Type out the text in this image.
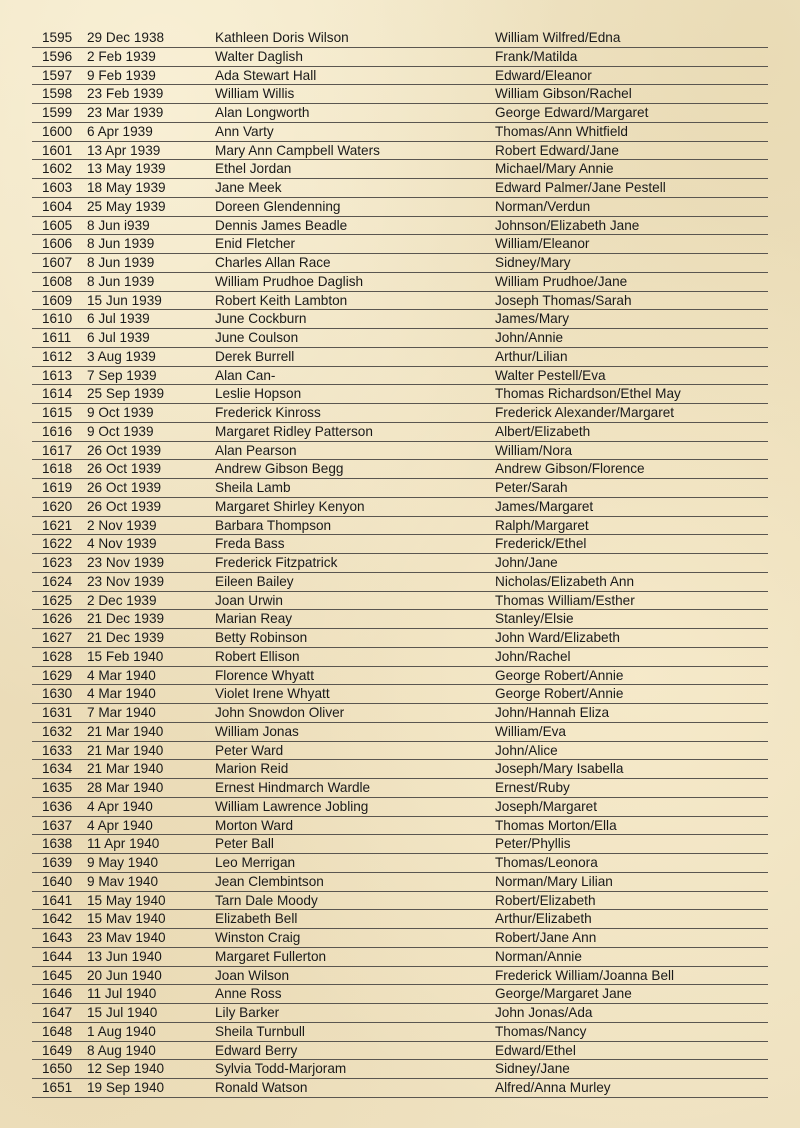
1595 29 Dec 1938	Kathleen Doris Wilson	William Wilfred/Edna
1596 2 Feb 1939	Walter Daglish	Frank/Matilda
1597 9 Feb 1939	Ada Stewart Hall	Edward/Eleanor
1598 23 Feb 1939	William Willis	William Gibson/Rachel
1599 23 Mar 1939	Alan Longworth	George Edward/Margaret
1600 6 Apr 1939	Ann Varty	Thomas/Ann Whitfield
1601 13 Apr 1939	Mary Ann Campbell Waters	Robert Edward/Jane
1602 13 May 1939	Ethel Jordan	Michael/Mary Annie
1603 18 May 1939	Jane Meek	Edward Palmer/Jane Pestell
1604 25 May 1939	Doreen Glendenning	Norman/Verdun
1605 8 Jun i939	Dennis James Beadle	Johnson/Elizabeth Jane
1606 8 Jun 1939	Enid Fletcher	William/Eleanor
1607 8 Jun 1939	Charles Allan Race	Sidney/Mary
1608 8 Jun 1939	William Prudhoe Daglish	William Prudhoe/Jane
1609 15 Jun 1939	Robert Keith Lambton	Joseph Thomas/Sarah
1610 6 Jul 1939	June Cockburn	James/Mary
1611 6 Jul 1939	June Coulson	John/Annie
1612 3 Aug 1939	Derek Burrell	Arthur/Lilian
1613 7 Sep 1939	Alan Can-	Walter Pestell/Eva
1614 25 Sep 1939	Leslie Hopson	Thomas Richardson/Ethel May
1615 9 Oct 1939	Frederick Kinross	Frederick Alexander/Margaret
1616 9 Oct 1939	Margaret Ridley Patterson	Albert/Elizabeth
1617 26 Oct 1939	Alan Pearson	William/Nora
1618 26 Oct 1939	Andrew Gibson Begg	Andrew Gibson/Florence
1619 26 Oct 1939	Sheila Lamb	Peter/Sarah
1620 26 Oct 1939	Margaret Shirley Kenyon	James/Margaret
1621 2 Nov 1939	Barbara Thompson	Ralph/Margaret
1622 4 Nov 1939	Freda Bass	Frederick/Ethel
1623 23 Nov 1939	Frederick Fitzpatrick	John/Jane
1624 23 Nov 1939	Eileen Bailey	Nicholas/Elizabeth Ann
1625 2 Dec 1939	Joan Urwin	Thomas William/Esther
1626 21 Dec 1939	Marian Reay	Stanley/Elsie
1627 21 Dec 1939	Betty Robinson	John Ward/Elizabeth
1628 15 Feb 1940	Robert Ellison	John/Rachel
1629 4 Mar 1940	Florence Whyatt	George Robert/Annie
1630 4 Mar 1940	Violet Irene Whyatt	George Robert/Annie
1631 7 Mar 1940	John Snowdon Oliver	John/Hannah Eliza
1632 21 Mar 1940	William Jonas	William/Eva
1633 21 Mar 1940	Peter Ward	John/Alice
1634 21 Mar 1940	Marion Reid	Joseph/Mary Isabella
1635 28 Mar 1940	Ernest Hindmarch Wardle	Ernest/Ruby
1636 4 Apr 1940	William Lawrence Jobling	Joseph/Margaret
1637 4 Apr 1940	Morton Ward	Thomas Morton/Ella
1638 11 Apr 1940	Peter Ball	Peter/Phyllis
1639 9 May 1940	Leo Merrigan	Thomas/Leonora
1640 9 Mav 1940	Jean Clembintson	Norman/Mary Lilian
1641 15 May 1940	Tarn Dale Moody	Robert/Elizabeth
1642 15 Mav 1940	Elizabeth Bell	Arthur/Elizabeth
1643 23 Mav 1940	Winston Craig	Robert/Jane Ann
1644 13 Jun 1940	Margaret Fullerton	Norman/Annie
1645 20 Jun 1940	Joan Wilson	Frederick William/Joanna Bell
1646 11 Jul 1940	Anne Ross	George/Margaret Jane
1647 15 Jul 1940	Lily Barker	John Jonas/Ada
1648 1 Aug 1940	Sheila Turnbull	Thomas/Nancy
1649 8 Aug 1940	Edward Berry	Edward/Ethel
1650 12 Sep 1940	Sylvia Todd-Marjoram	Sidney/Jane
1651 19 Sep 1940	Ronald Watson	Alfred/Anna Murley
